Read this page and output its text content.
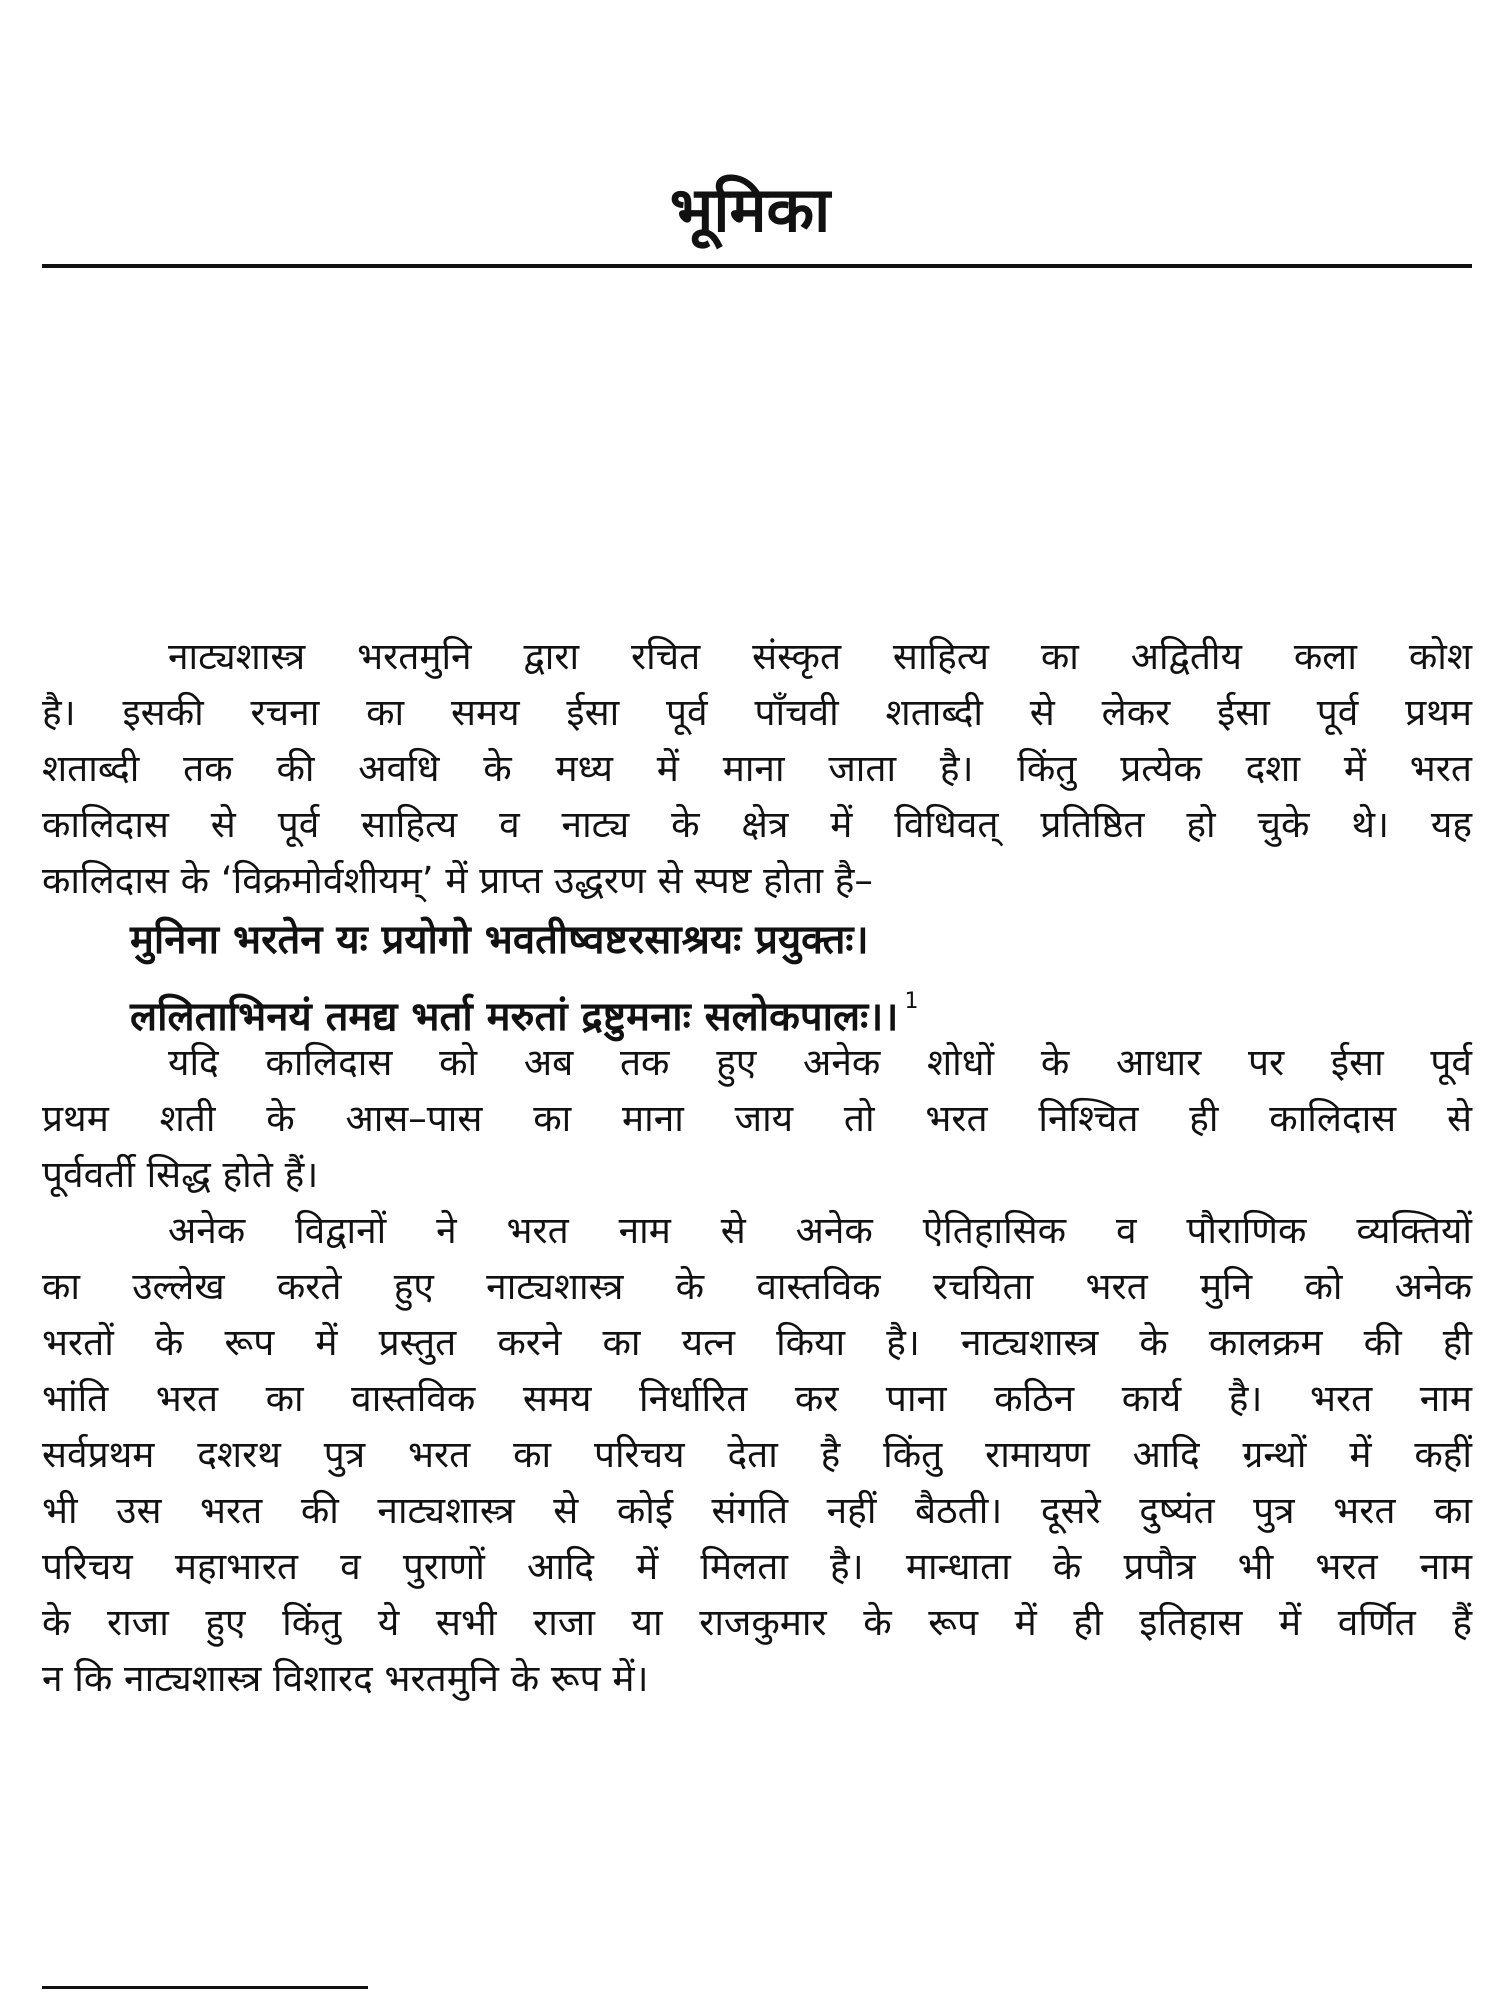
भूमिका
नाट्यशास्त्र भरतमुनि द्वारा रचित संस्कृत साहित्य का अद्वितीय कला कोश
है। इसकी रचना का समय ईसा पूर्व पाँचवी शताब्दी से लेकर ईसा पूर्व प्रथम
शताब्दी तक की अवधि के मध्य में माना जाता है। किंतु प्रत्येक दशा में भरत
कालिदास से पूर्व साहित्य व नाट्य के क्षेत्र में विधिवत् प्रतिष्ठित हो चुके थे। यह
कालिदास के ‘विक्रमोर्वशीयम्’ में प्राप्त उद्धरण से स्पष्ट होता है–
मुनिना भरतेन यः प्रयोगो भवतीष्वष्टरसाश्रयः प्रयुक्तः।
ललिताभिनयं तमद्य भर्ता मरुतां द्रष्टुमनाः सलोकपालः।। $^1$
यदि कालिदास को अब तक हुए अनेक शोधों के आधार पर ईसा पूर्व
प्रथम शती के आस–पास का माना जाय तो भरत निश्चित ही कालिदास से
पूर्ववर्ती सिद्ध होते हैं।
अनेक विद्वानों ने भरत नाम से अनेक ऐतिहासिक व पौराणिक व्यक्तियों
का उल्लेख करते हुए नाट्यशास्त्र के वास्तविक रचयिता भरत मुनि को अनेक
भरतों के रूप में प्रस्तुत करने का यत्न किया है। नाट्यशास्त्र के कालक्रम की ही
भांति भरत का वास्तविक समय निर्धारित कर पाना कठिन कार्य है। भरत नाम
सर्वप्रथम दशरथ पुत्र भरत का परिचय देता है किंतु रामायण आदि ग्रन्थों में कहीं
भी उस भरत की नाट्यशास्त्र से कोई संगति नहीं बैठती। दूसरे दुष्यंत पुत्र भरत का
परिचय महाभारत व पुराणों आदि में मिलता है। मान्धाता के प्रपौत्र भी भरत नाम
के राजा हुए किंतु ये सभी राजा या राजकुमार के रूप में ही इतिहास में वर्णित हैं
न कि नाट्यशास्त्र विशारद भरतमुनि के रूप में।
